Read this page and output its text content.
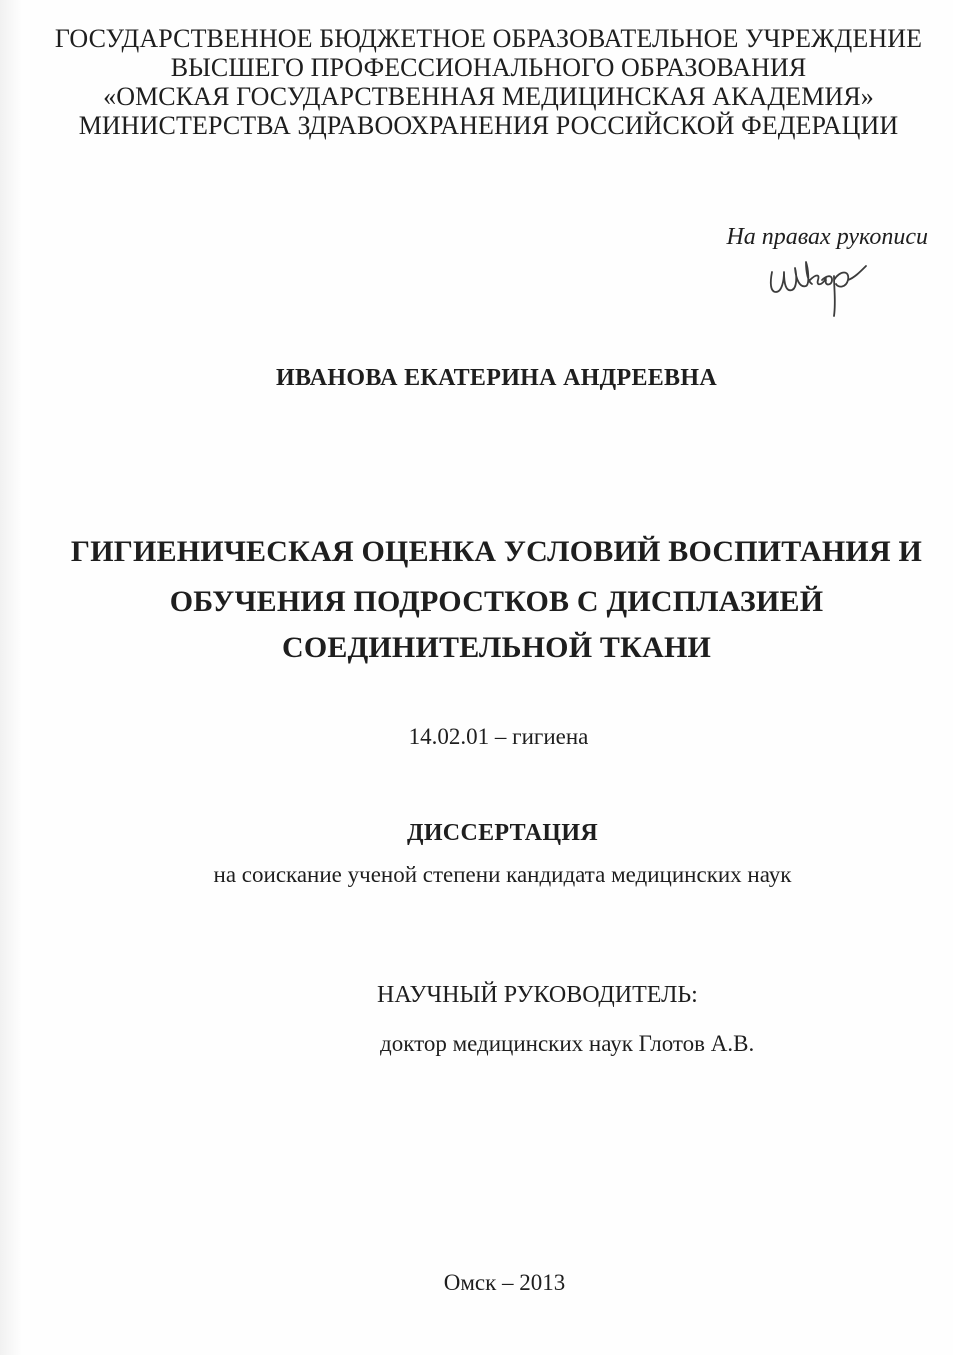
ГОСУДАРСТВЕННОЕ БЮДЖЕТНОЕ ОБРАЗОВАТЕЛЬНОЕ УЧРЕЖДЕНИЕ
ВЫСШЕГО ПРОФЕССИОНАЛЬНОГО ОБРАЗОВАНИЯ
«ОМСКАЯ ГОСУДАРСТВЕННАЯ МЕДИЦИНСКАЯ АКАДЕМИЯ»
МИНИСТЕРСТВА ЗДРАВООХРАНЕНИЯ РОССИЙСКОЙ ФЕДЕРАЦИИ
На правах рукописи
ИВАНОВА ЕКАТЕРИНА АНДРЕЕВНА
ГИГИЕНИЧЕСКАЯ ОЦЕНКА УСЛОВИЙ ВОСПИТАНИЯ И
ОБУЧЕНИЯ ПОДРОСТКОВ С ДИСПЛАЗИЕЙ
СОЕДИНИТЕЛЬНОЙ ТКАНИ
14.02.01 – гигиена
ДИССЕРТАЦИЯ
на соискание ученой степени кандидата медицинских наук
НАУЧНЫЙ РУКОВОДИТЕЛЬ:
доктор медицинских наук Глотов А.В.
Омск – 2013
